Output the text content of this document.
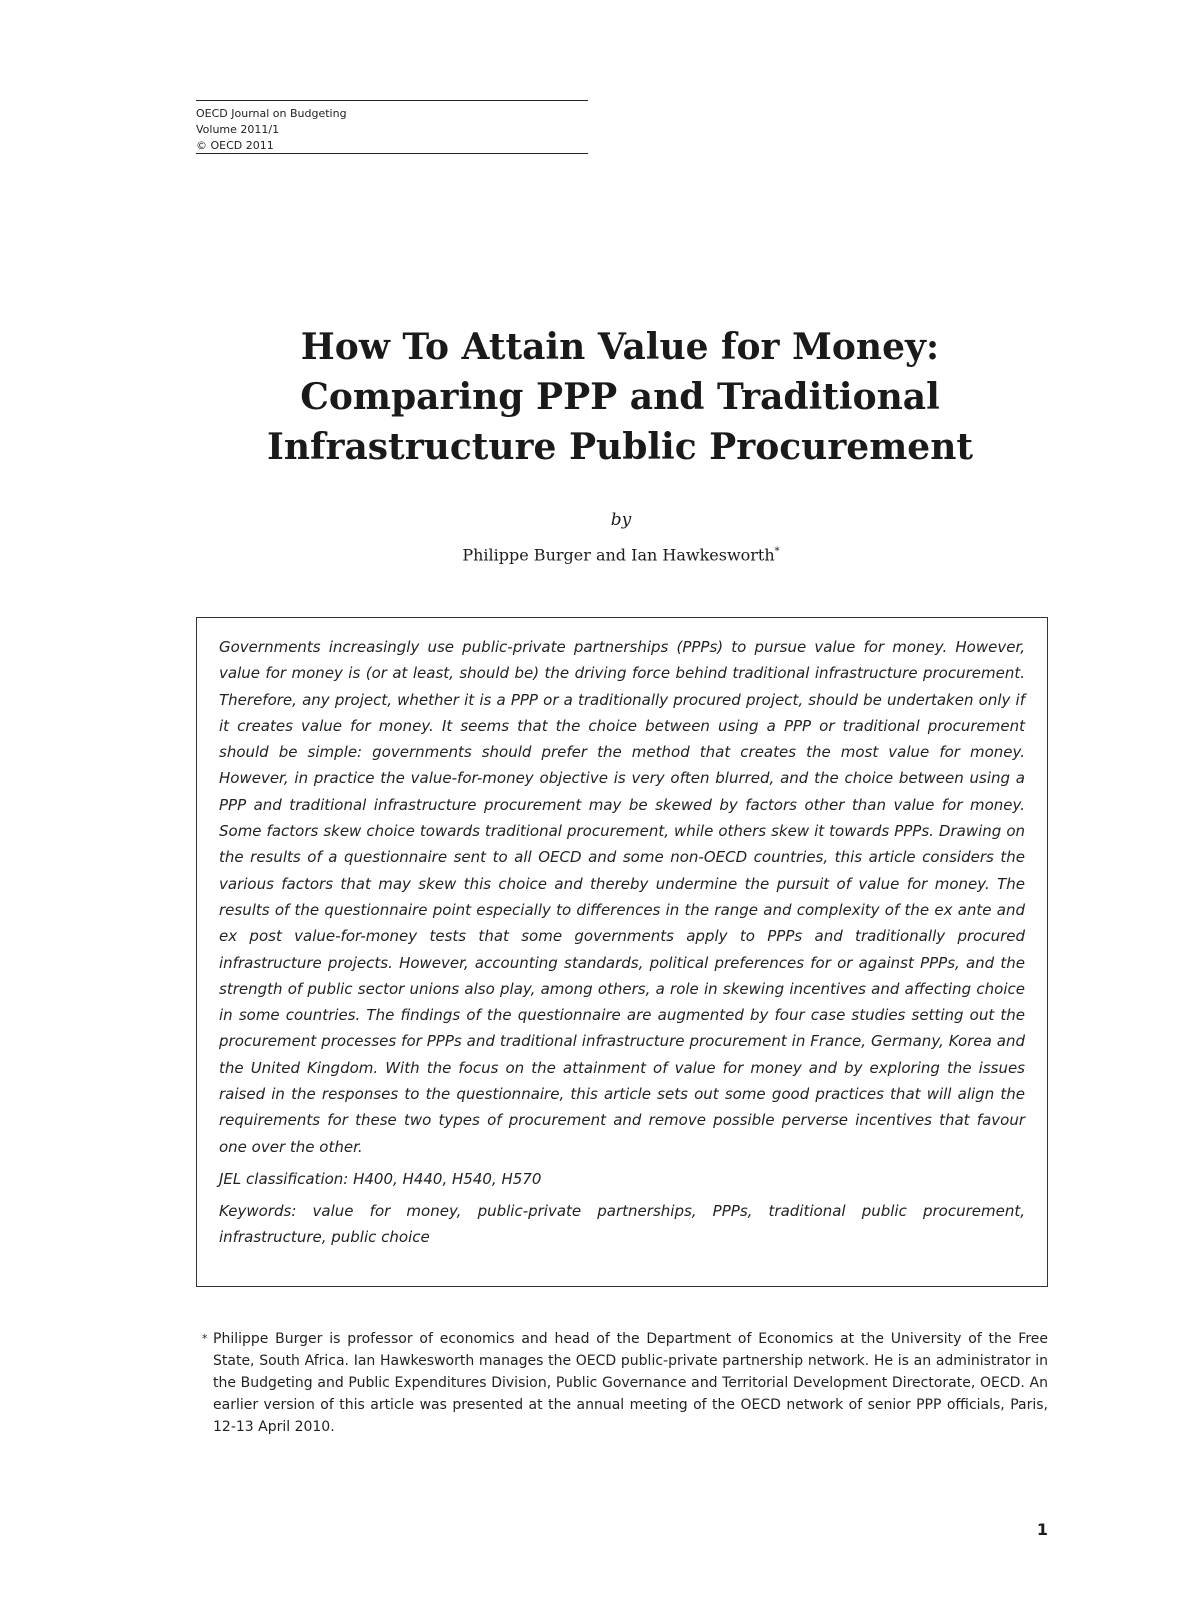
OECD Journal on Budgeting
Volume 2011/1
© OECD 2011
How To Attain Value for Money:
Comparing PPP and Traditional
Infrastructure Public Procurement
by
Philippe Burger and Ian Hawkesworth*

Governments increasingly use public-private partnerships (PPPs) to pursue value for money. However, value for money is (or at least, should be) the driving force behind traditional infrastructure procurement. Therefore, any project, whether it is a PPP or a traditionally procured project, should be undertaken only if it creates value for money. It seems that the choice between using a PPP or traditional procurement should be simple: governments should prefer the method that creates the most value for money. However, in practice the value-for-money objective is very often blurred, and the choice between using a PPP and traditional infrastructure procurement may be skewed by factors other than value for money. Some factors skew choice towards traditional procurement, while others skew it towards PPPs. Drawing on the results of a questionnaire sent to all OECD and some non-OECD countries, this article considers the various factors that may skew this choice and thereby undermine the pursuit of value for money. The results of the questionnaire point especially to differences in the range and complexity of the ex ante and ex post value-for-money tests that some governments apply to PPPs and traditionally procured infrastructure projects. However, accounting standards, political preferences for or against PPPs, and the strength of public sector unions also play, among others, a role in skewing incentives and affecting choice in some countries. The findings of the questionnaire are augmented by four case studies setting out the procurement processes for PPPs and traditional infrastructure procurement in France, Germany, Korea and the United Kingdom. With the focus on the attainment of value for money and by exploring the issues raised in the responses to the questionnaire, this article sets out some good practices that will align the requirements for these two types of procurement and remove possible perverse incentives that favour one over the other.

JEL classification: H400, H440, H540, H570

Keywords: value for money, public-private partnerships, PPPs, traditional public procurement, infrastructure, public choice

* Philippe Burger is professor of economics and head of the Department of Economics at the University of the Free State, South Africa. Ian Hawkesworth manages the OECD public-private partnership network. He is an administrator in the Budgeting and Public Expenditures Division, Public Governance and Territorial Development Directorate, OECD. An earlier version of this article was presented at the annual meeting of the OECD network of senior PPP officials, Paris, 12-13 April 2010.
1
